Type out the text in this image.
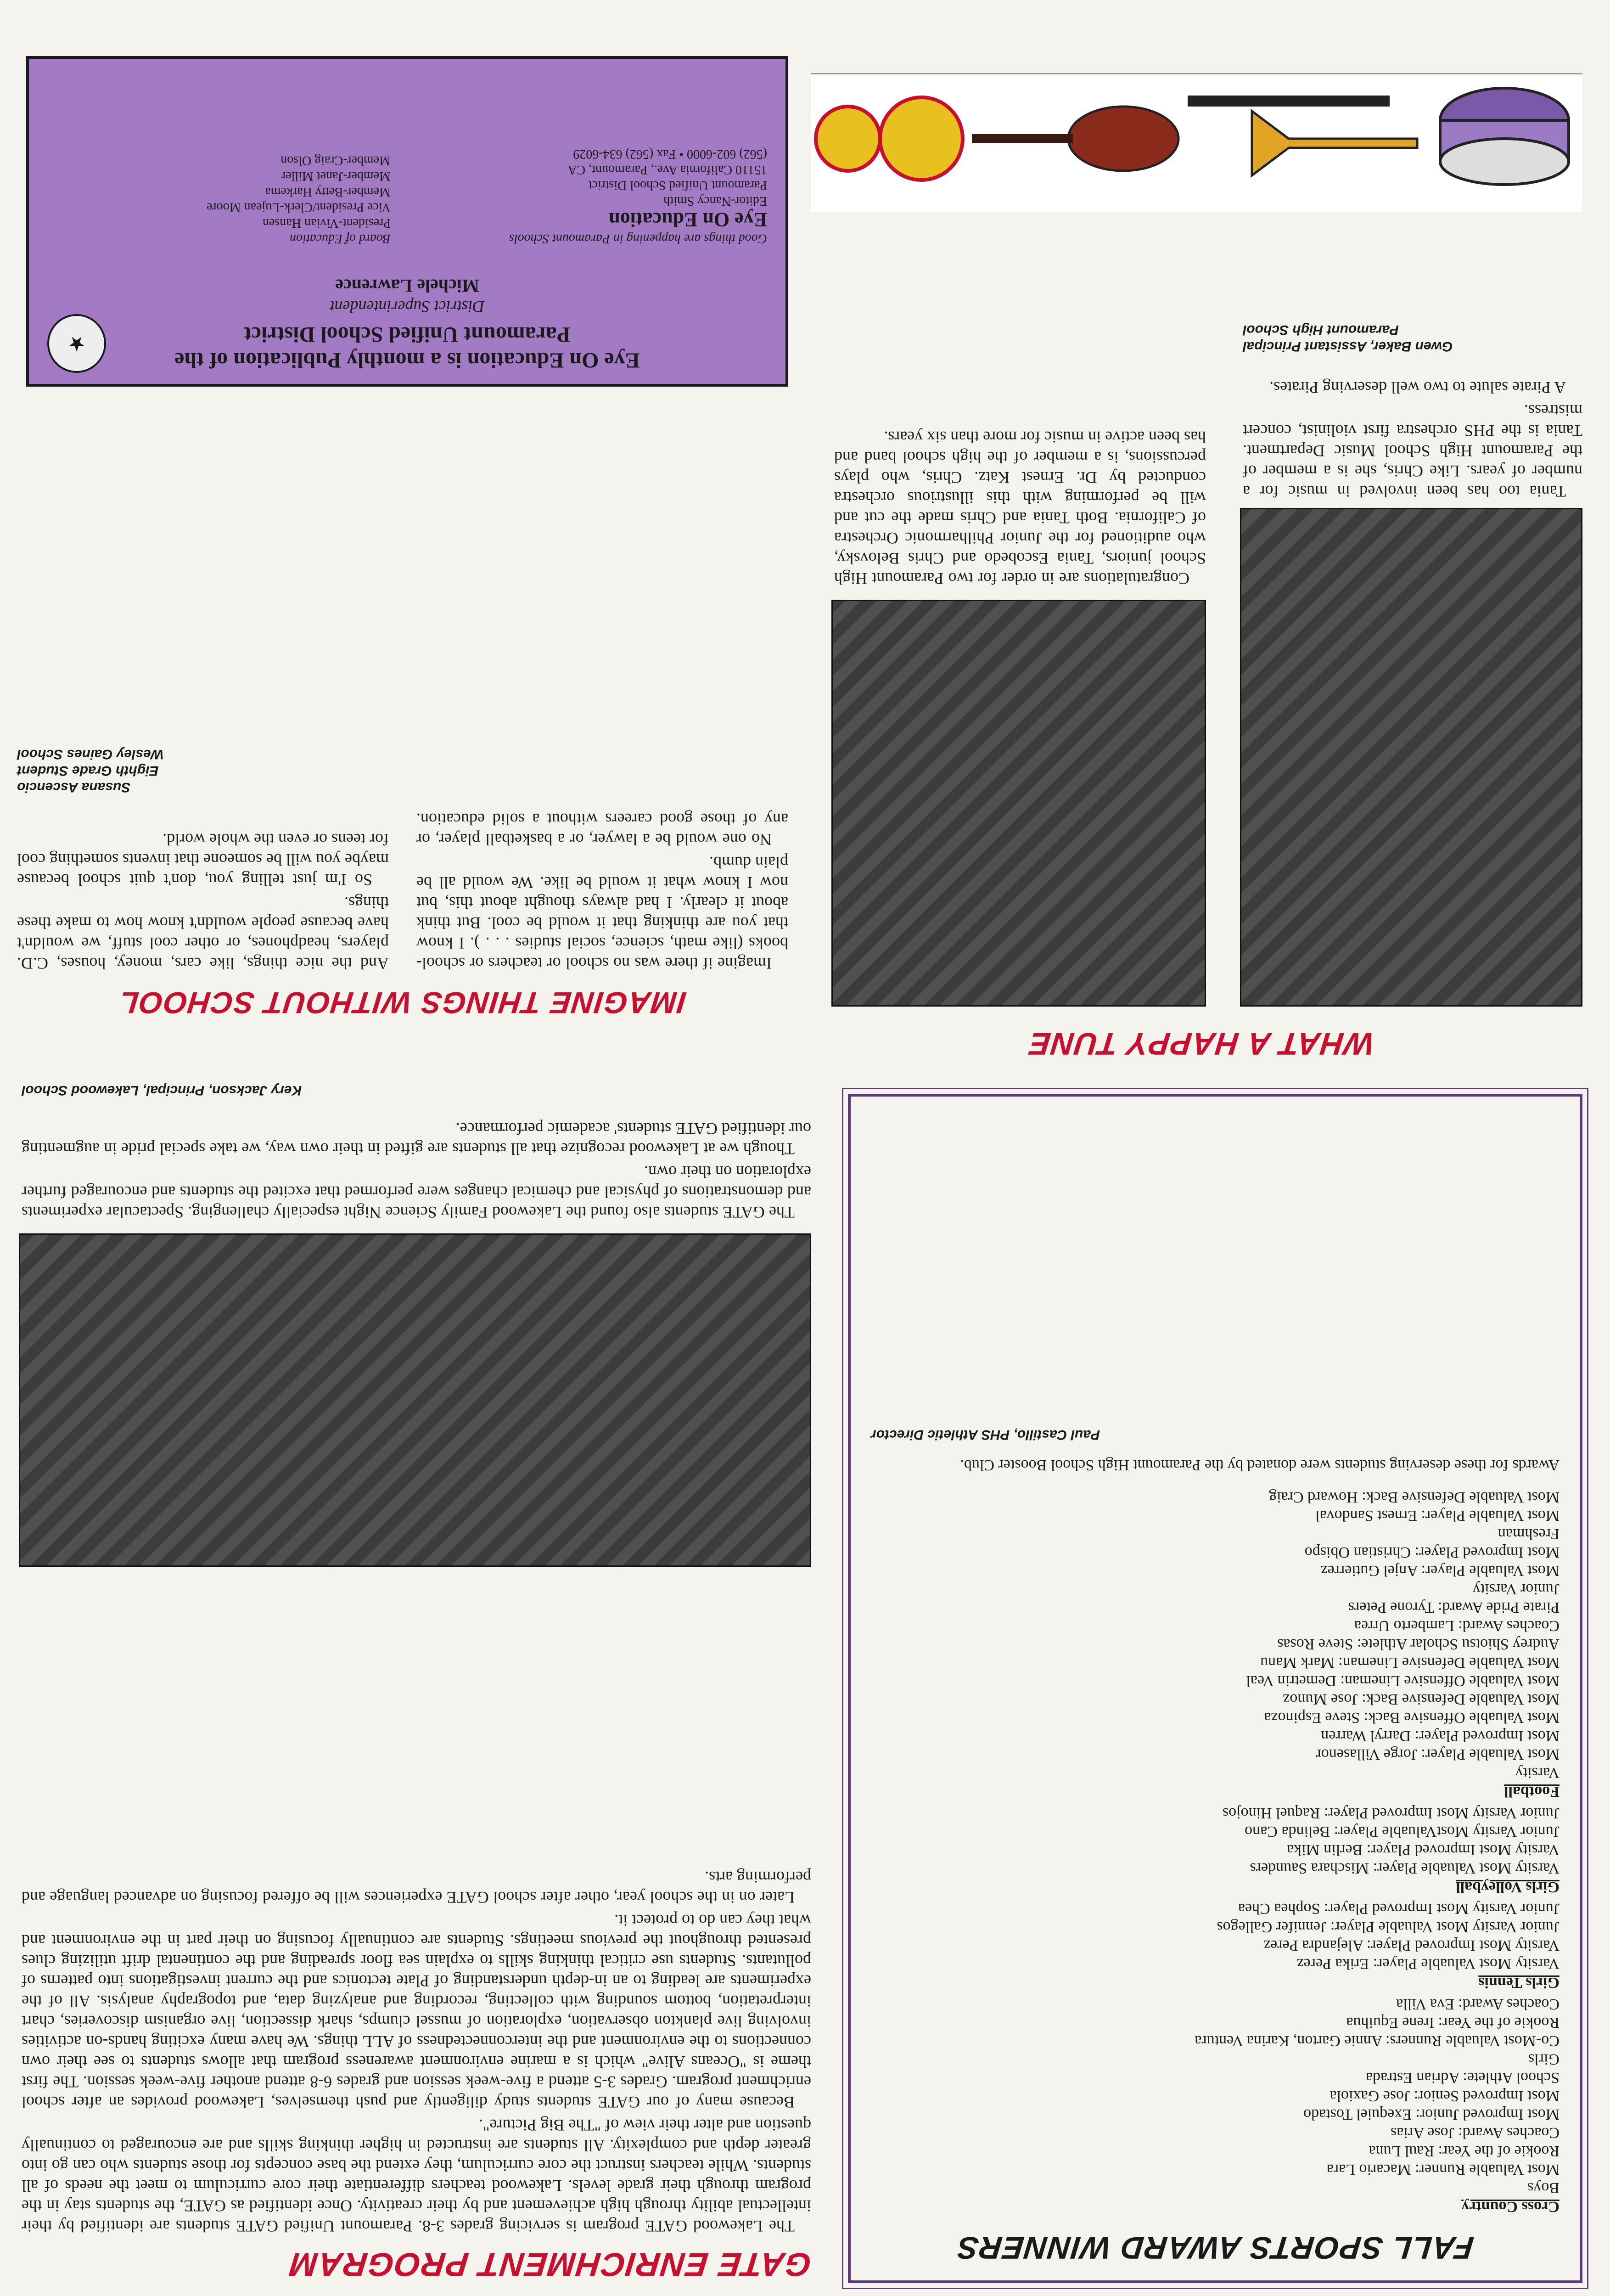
FALL SPORTS AWARD WINNERS
Cross Country
Boys
Most Valuable Runner: Macario Lara
Rookie of the Year: Raul Luna
Coaches Award: Jose Arias
Most Improved Junior: Exequiel Tostado
Most Improved Senior: Jose Gaxiola
School Athlete: Adrian Estrada
Girls
Co-Most Valuable Runners: Annie Garton, Karina Ventura
Rookie of the Year: Irene Equihua
Coaches Award: Eva Villa
Girls Tennis
Varsity Most Valuable Player: Erika Perez
Varsity Most Improved Player: Alejandra Perez
Junior Varsity Most Valuable Player: Jennifer Gallegos
Junior Varsity Most Improved Player: Sophea Chea
Girls Volleyball
Varsity Most Valuable Player: Mischara Saunders
Varsity Most Improved Player: Berlin Mika
Junior Varsity MostValuable Player: Belinda Cano
Junior Varsity Most Improved Player: Raquel Hinojos
Football
Varsity
Most Valuable Player: Jorge Villasenor
Most Improved Player: Darryl Warren
Most Valuable Offensive Back: Steve Espinoza
Most Valuable Defensive Back: Jose Munoz
Most Valuable Offensive Lineman: Demetrin Veal
Most Valuable Defensive Lineman: Mark Manu
Audrey Shiotsu Scholar Athlete: Steve Rosas
Coaches Award: Lamberto Urrea
Pirate Pride Award: Tyrone Peters
Junior Varsity
Most Valuable Player: Anjel Gutierrez
Most Improved Player: Christian Obispo
Freshman
Most Valuable Player: Ernest Sandoval
Most Valuable Defensive Back: Howard Craig
Awards for these deserving students were donated by the Paramount High School Booster Club.
Paul Castillo, PHS Athletic Director
GATE ENRICHMENT PROGRAM

The Lakewood GATE program is servicing grades 3-8. Paramount Unified GATE students are identified by their intellectual ability through high achievement and by their creativity. Once identified as GATE, the students stay in the program through their grade levels. Lakewood teachers differentiate their core curriculum to meet the needs of all students. While teachers instruct the core curriculum, they extend the base concepts for those students who can go into greater depth and complexity. All students are instructed in higher thinking skills and are encouraged to continually question and alter their view of "The Big Picture".

Because many of our GATE students study diligently and push themselves, Lakewood provides an after school enrichment program. Grades 3-5 attend a five-week session and grades 6-8 attend another five-week session. The first theme is "Oceans Alive" which is a marine environment awareness program that allows students to see their own connections to the environment and the interconnectedness of ALL things. We have many exciting hands-on activities involving live plankton observation, exploration of mussel clumps, shark dissection, live organism discoveries, chart interpretation, bottom sounding with collecting, recording and analyzing data, and topography analysis. All of the experiments are leading to an in-depth understanding of Plate tectonics and the current investigations into patterns of pollutants. Students use critical thinking skills to explain sea floor spreading and the continental drift utilizing clues presented throughout the previous meetings. Students are continually focusing on their part in the environment and what they can do to protect it.

Later on in the school year, other after school GATE experiences will be offered focusing on advanced language and performing arts.

The GATE students also found the Lakewood Family Science Night especially challenging. Spectacular experiments and demonstrations of physical and chemical changes were performed that excited the students and encouraged further exploration on their own.

Though we at Lakewood recognize that all students are gifted in their own way, we take special pride in augmenting our identified GATE students' academic performance.

Kery Jackson, Principal, Lakewood School
WHAT A HAPPY TUNE

Congratulations are in order for two Paramount High School juniors, Tania Escobedo and Chris Belovsky, who auditioned for the Junior Philharmonic Orchestra of California. Both Tania and Chris made the cut and will be performing with this illustrious orchestra conducted by Dr. Ernest Katz. Chris, who plays percussions, is a member of the high school band and has been active in music for more than six years.

Tania too has been involved in music for a number of years. Like Chris, she is a member of the Paramount High School Music Department. Tania is the PHS orchestra first violinist, concert mistress.

A Pirate salute to two well deserving Pirates.

Gwen Baker, Assistant Principal
Paramount High School
IMAGINE THINGS WITHOUT SCHOOL

Imagine if there was no school or teachers or school-books (like math, science, social studies . . . ). I know that you are thinking that it would be cool. But think about it clearly. I had always thought about this, but now I know what it would be like. We would all be plain dumb.

No one would be a lawyer, or a basketball player, or any of those good careers without a solid education. And the nice things, like cars, money, houses, C.D. players, headphones, or other cool stuff, we wouldn't have because people wouldn't know how to make these things.

So I'm just telling you, don't quit school because maybe you will be someone that invents something cool for teens or even the whole world.

Susana Ascencio
Eighth Grade Student
Wesley Gaines School
Eye On Education is a monthly Publication of the
Paramount Unified School District
District Superintendent
Michele Lawrence
★
Good things are happening in Paramount Schools
Eye On Education
Editor-Nancy Smith
Paramount Unified School District
15110 California Ave., Paramount, CA
(562) 602-6000 • Fax (562) 634-6029
Board of Education
President-Vivian Hansen
Vice President/Clerk-Lujean Moore
Member-Betty Harkema
Member-Janet Miller
Member-Craig Olson
